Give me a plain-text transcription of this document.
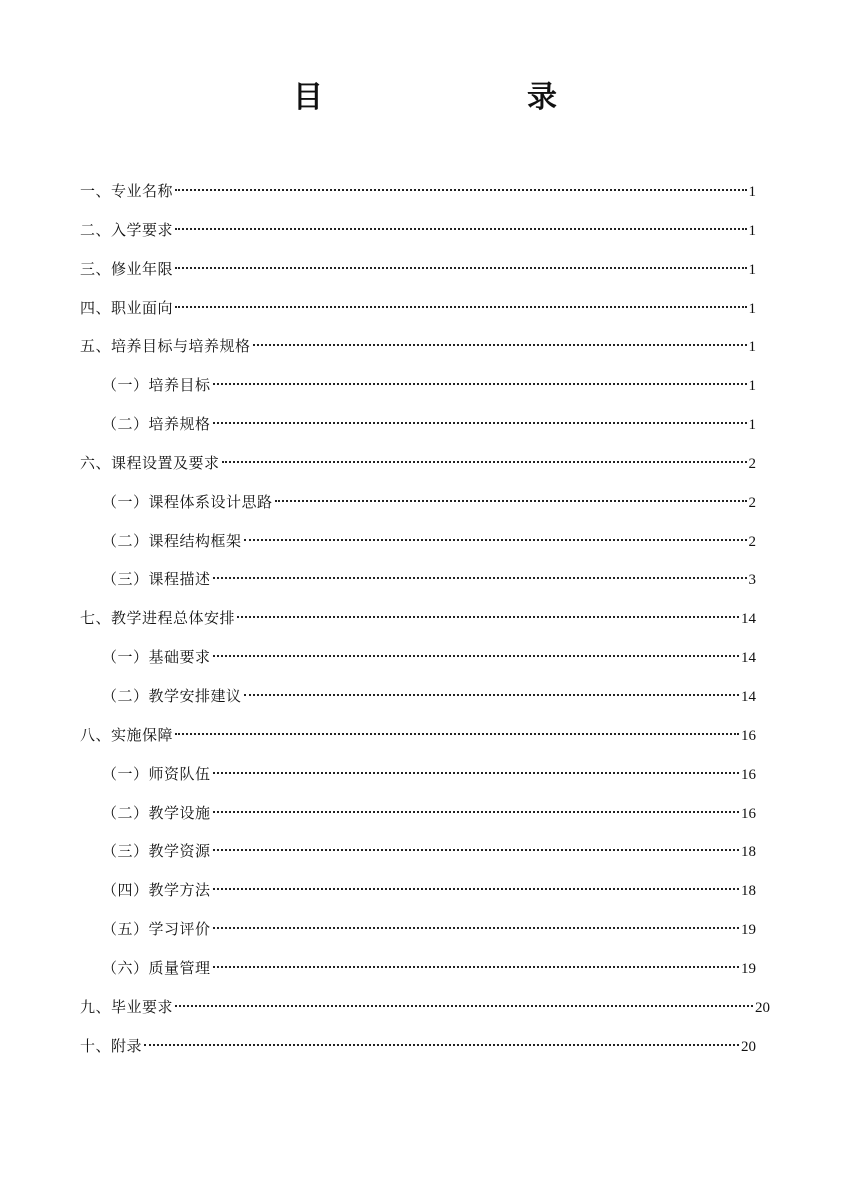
目　　录
一、专业名称	1
二、入学要求	1
三、修业年限	1
四、职业面向	1
五、培养目标与培养规格	1
（一）培养目标	1
（二）培养规格	1
六、课程设置及要求	2
（一）课程体系设计思路	2
（二）课程结构框架	2
（三）课程描述	3
七、教学进程总体安排	14
（一）基础要求	14
（二）教学安排建议	14
八、实施保障	16
（一）师资队伍	16
（二）教学设施	16
（三）教学资源	18
（四）教学方法	18
（五）学习评价	19
（六）质量管理	19
九、毕业要求	20
十、附录	20
